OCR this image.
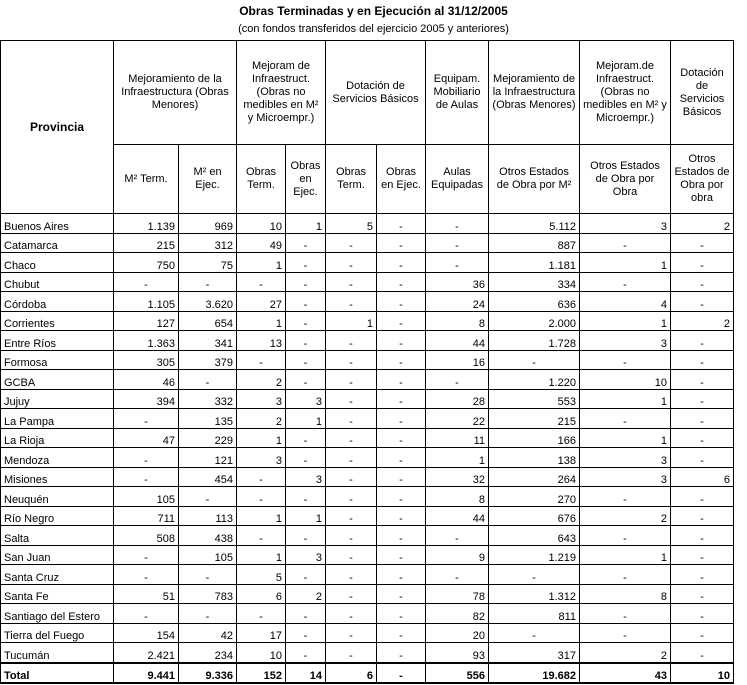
Obras Terminadas y en Ejecución al 31/12/2005
(con fondos transferidos del ejercicio 2005 y anteriores)
Provincia	Mejoramiento de la Infraestructura (Obras Menores)		Mejoram de Infraestruct. (Obras no medibles en M² y Microempr.)		Dotación de Servicios Básicos		Equipam. Mobiliario de Aulas	Mejoramiento de la Infraestructura (Obras Menores)	Mejoram.de Infraestruct. (Obras no medibles en M² y Microempr.)	Dotación de Servicios Básicos
	M² Term.	M² en Ejec.	Obras Term.	Obras en Ejec.	Obras Term.	Obras en Ejec.	Aulas Equipadas	Otros Estados de Obra por M²	Otros Estados de Obra por Obra	Otros Estados de Obra por obra
Buenos Aires	1.139	969	10	1	5	-	-	5.112	3	2
Catamarca	215	312	49	-	-	-	-	887	-	-
Chaco	750	75	1	-	-	-	-	1.181	1	-
Chubut	-	-	-	-	-	-	36	334	-	-
Córdoba	1.105	3.620	27	-	-	-	24	636	4	-
Corrientes	127	654	1	-	1	-	8	2.000	1	2
Entre Ríos	1.363	341	13	-	-	-	44	1.728	3	-
Formosa	305	379	-	-	-	-	16	-	-	-
GCBA	46	-	2	-	-	-	-	1.220	10	-
Jujuy	394	332	3	3	-	-	28	553	1	-
La Pampa	-	135	2	1	-	-	22	215	-	-
La Rioja	47	229	1	-	-	-	11	166	1	-
Mendoza	-	121	3	-	-	-	1	138	3	-
Misiones	-	454	-	3	-	-	32	264	3	6
Neuquén	105	-	-	-	-	-	8	270	-	-
Río Negro	711	113	1	1	-	-	44	676	2	-
Salta	508	438	-	-	-	-	-	643	-	-
San Juan	-	105	1	3	-	-	9	1.219	1	-
Santa Cruz	-	-	5	-	-	-	-	-	-	-
Santa Fe	51	783	6	2	-	-	78	1.312	8	-
Santiago del Estero	-	-	-	-	-	-	82	811	-	-
Tierra del Fuego	154	42	17	-	-	-	20	-	-	-
Tucumán	2.421	234	10	-	-	-	93	317	2	-
Total	9.441	9.336	152	14	6	-	556	19.682	43	10
